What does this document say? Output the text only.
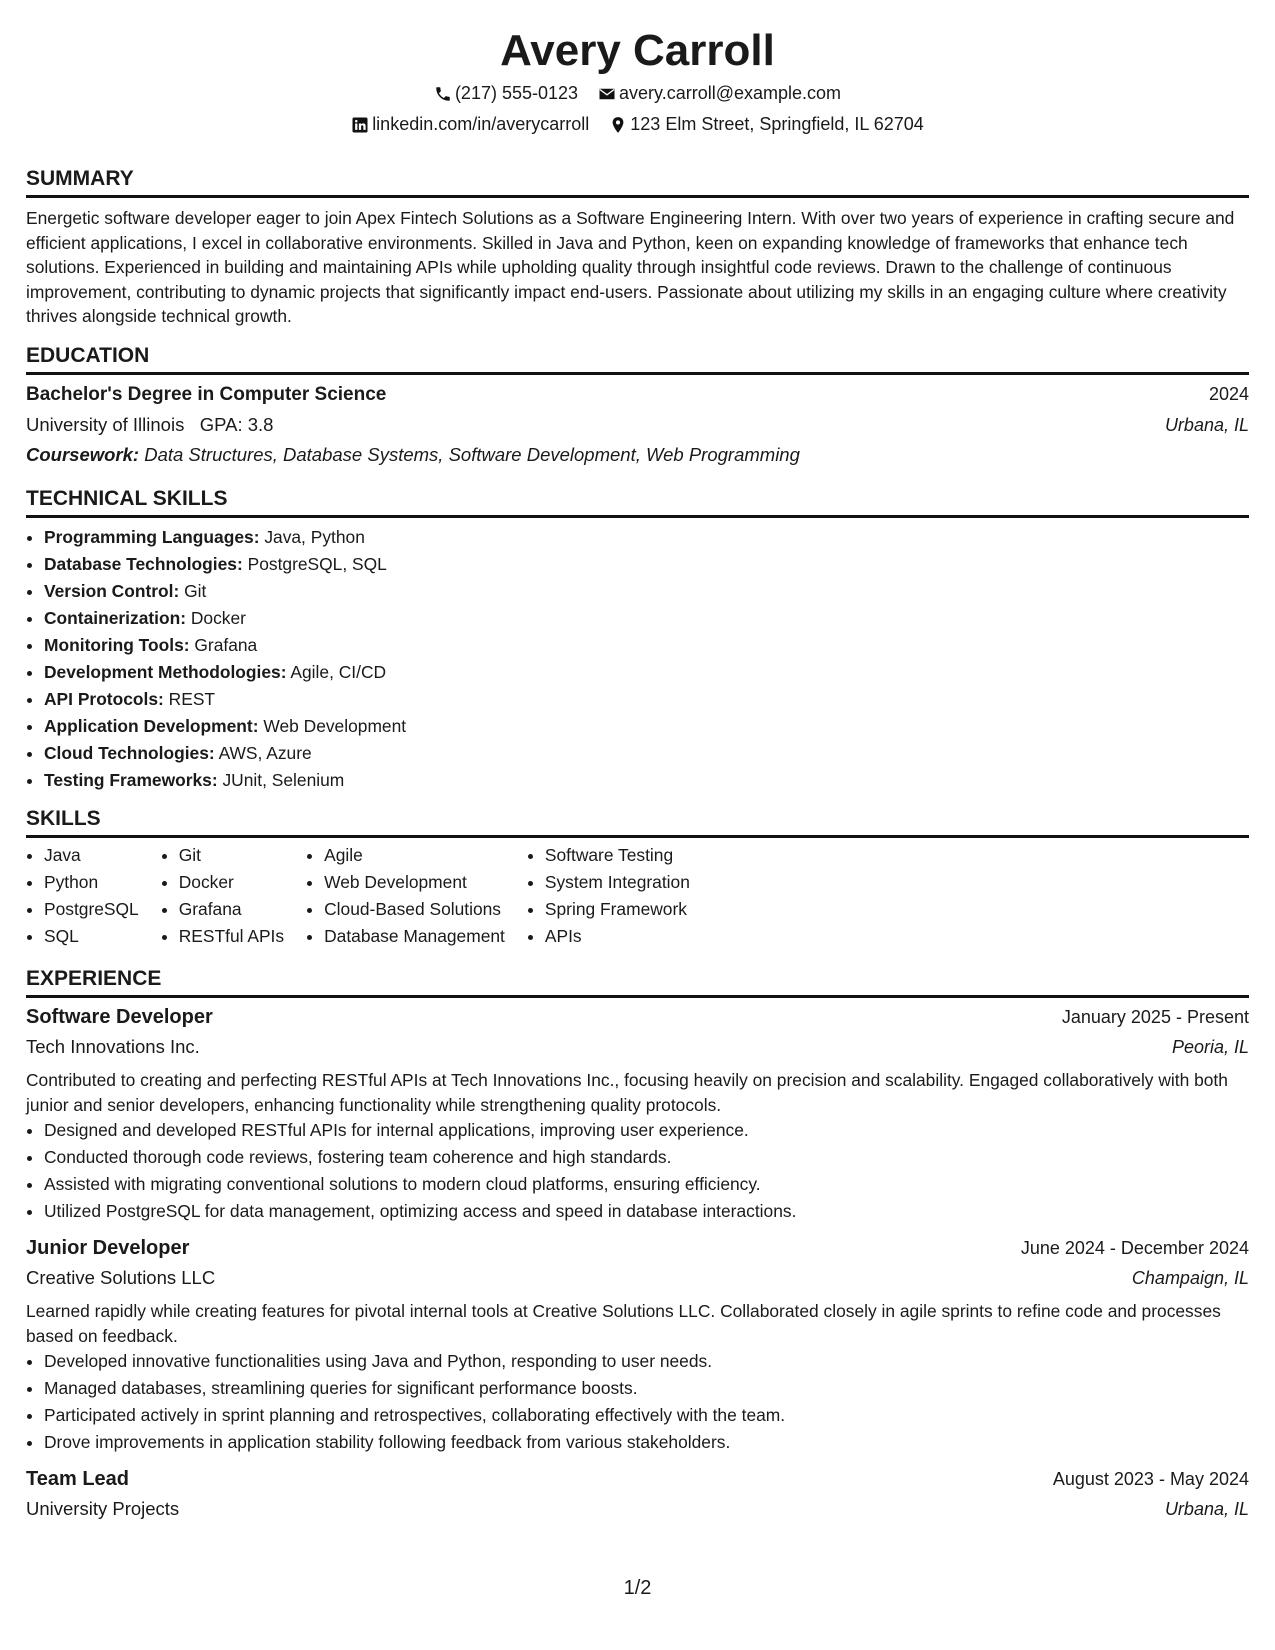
Avery Carroll
(217) 555-0123 avery.carroll@example.com
linkedin.com/in/averycarroll 123 Elm Street, Springfield, IL 62704
SUMMARY

Energetic software developer eager to join Apex Fintech Solutions as a Software Engineering Intern. With over two years of experience in crafting secure and efficient applications, I excel in collaborative environments. Skilled in Java and Python, keen on expanding knowledge of frameworks that enhance tech solutions. Experienced in building and maintaining APIs while upholding quality through insightful code reviews. Drawn to the challenge of continuous improvement, contributing to dynamic projects that significantly impact end-users. Passionate about utilizing my skills in an engaging culture where creativity thrives alongside technical growth.

EDUCATION
Bachelor's Degree in Computer Science	2024
University of Illinois GPA: 3.8	Urbana, IL
Coursework: Data Structures, Database Systems, Software Development, Web Programming
TECHNICAL SKILLS
• Programming Languages: Java, Python
• Database Technologies: PostgreSQL, SQL
• Version Control: Git
• Containerization: Docker
• Monitoring Tools: Grafana
• Development Methodologies: Agile, CI/CD
• API Protocols: REST
• Application Development: Web Development
• Cloud Technologies: AWS, Azure
• Testing Frameworks: JUnit, Selenium
SKILLS
• Java
• Python
• PostgreSQL
• SQL
• Git
• Docker
• Grafana
• RESTful APIs
• Agile
• Web Development
• Cloud-Based Solutions
• Database Management
• Software Testing
• System Integration
• Spring Framework
• APIs
EXPERIENCE
Software Developer	January 2025 - Present
Tech Innovations Inc.	Peoria, IL

Contributed to creating and perfecting RESTful APIs at Tech Innovations Inc., focusing heavily on precision and scalability. Engaged collaboratively with both junior and senior developers, enhancing functionality while strengthening quality protocols.

• Designed and developed RESTful APIs for internal applications, improving user experience.
• Conducted thorough code reviews, fostering team coherence and high standards.
• Assisted with migrating conventional solutions to modern cloud platforms, ensuring efficiency.
• Utilized PostgreSQL for data management, optimizing access and speed in database interactions.
Junior Developer	June 2024 - December 2024
Creative Solutions LLC	Champaign, IL

Learned rapidly while creating features for pivotal internal tools at Creative Solutions LLC. Collaborated closely in agile sprints to refine code and processes based on feedback.

• Developed innovative functionalities using Java and Python, responding to user needs.
• Managed databases, streamlining queries for significant performance boosts.
• Participated actively in sprint planning and retrospectives, collaborating effectively with the team.
• Drove improvements in application stability following feedback from various stakeholders.
Team Lead	August 2023 - May 2024
University Projects	Urbana, IL
1/2
